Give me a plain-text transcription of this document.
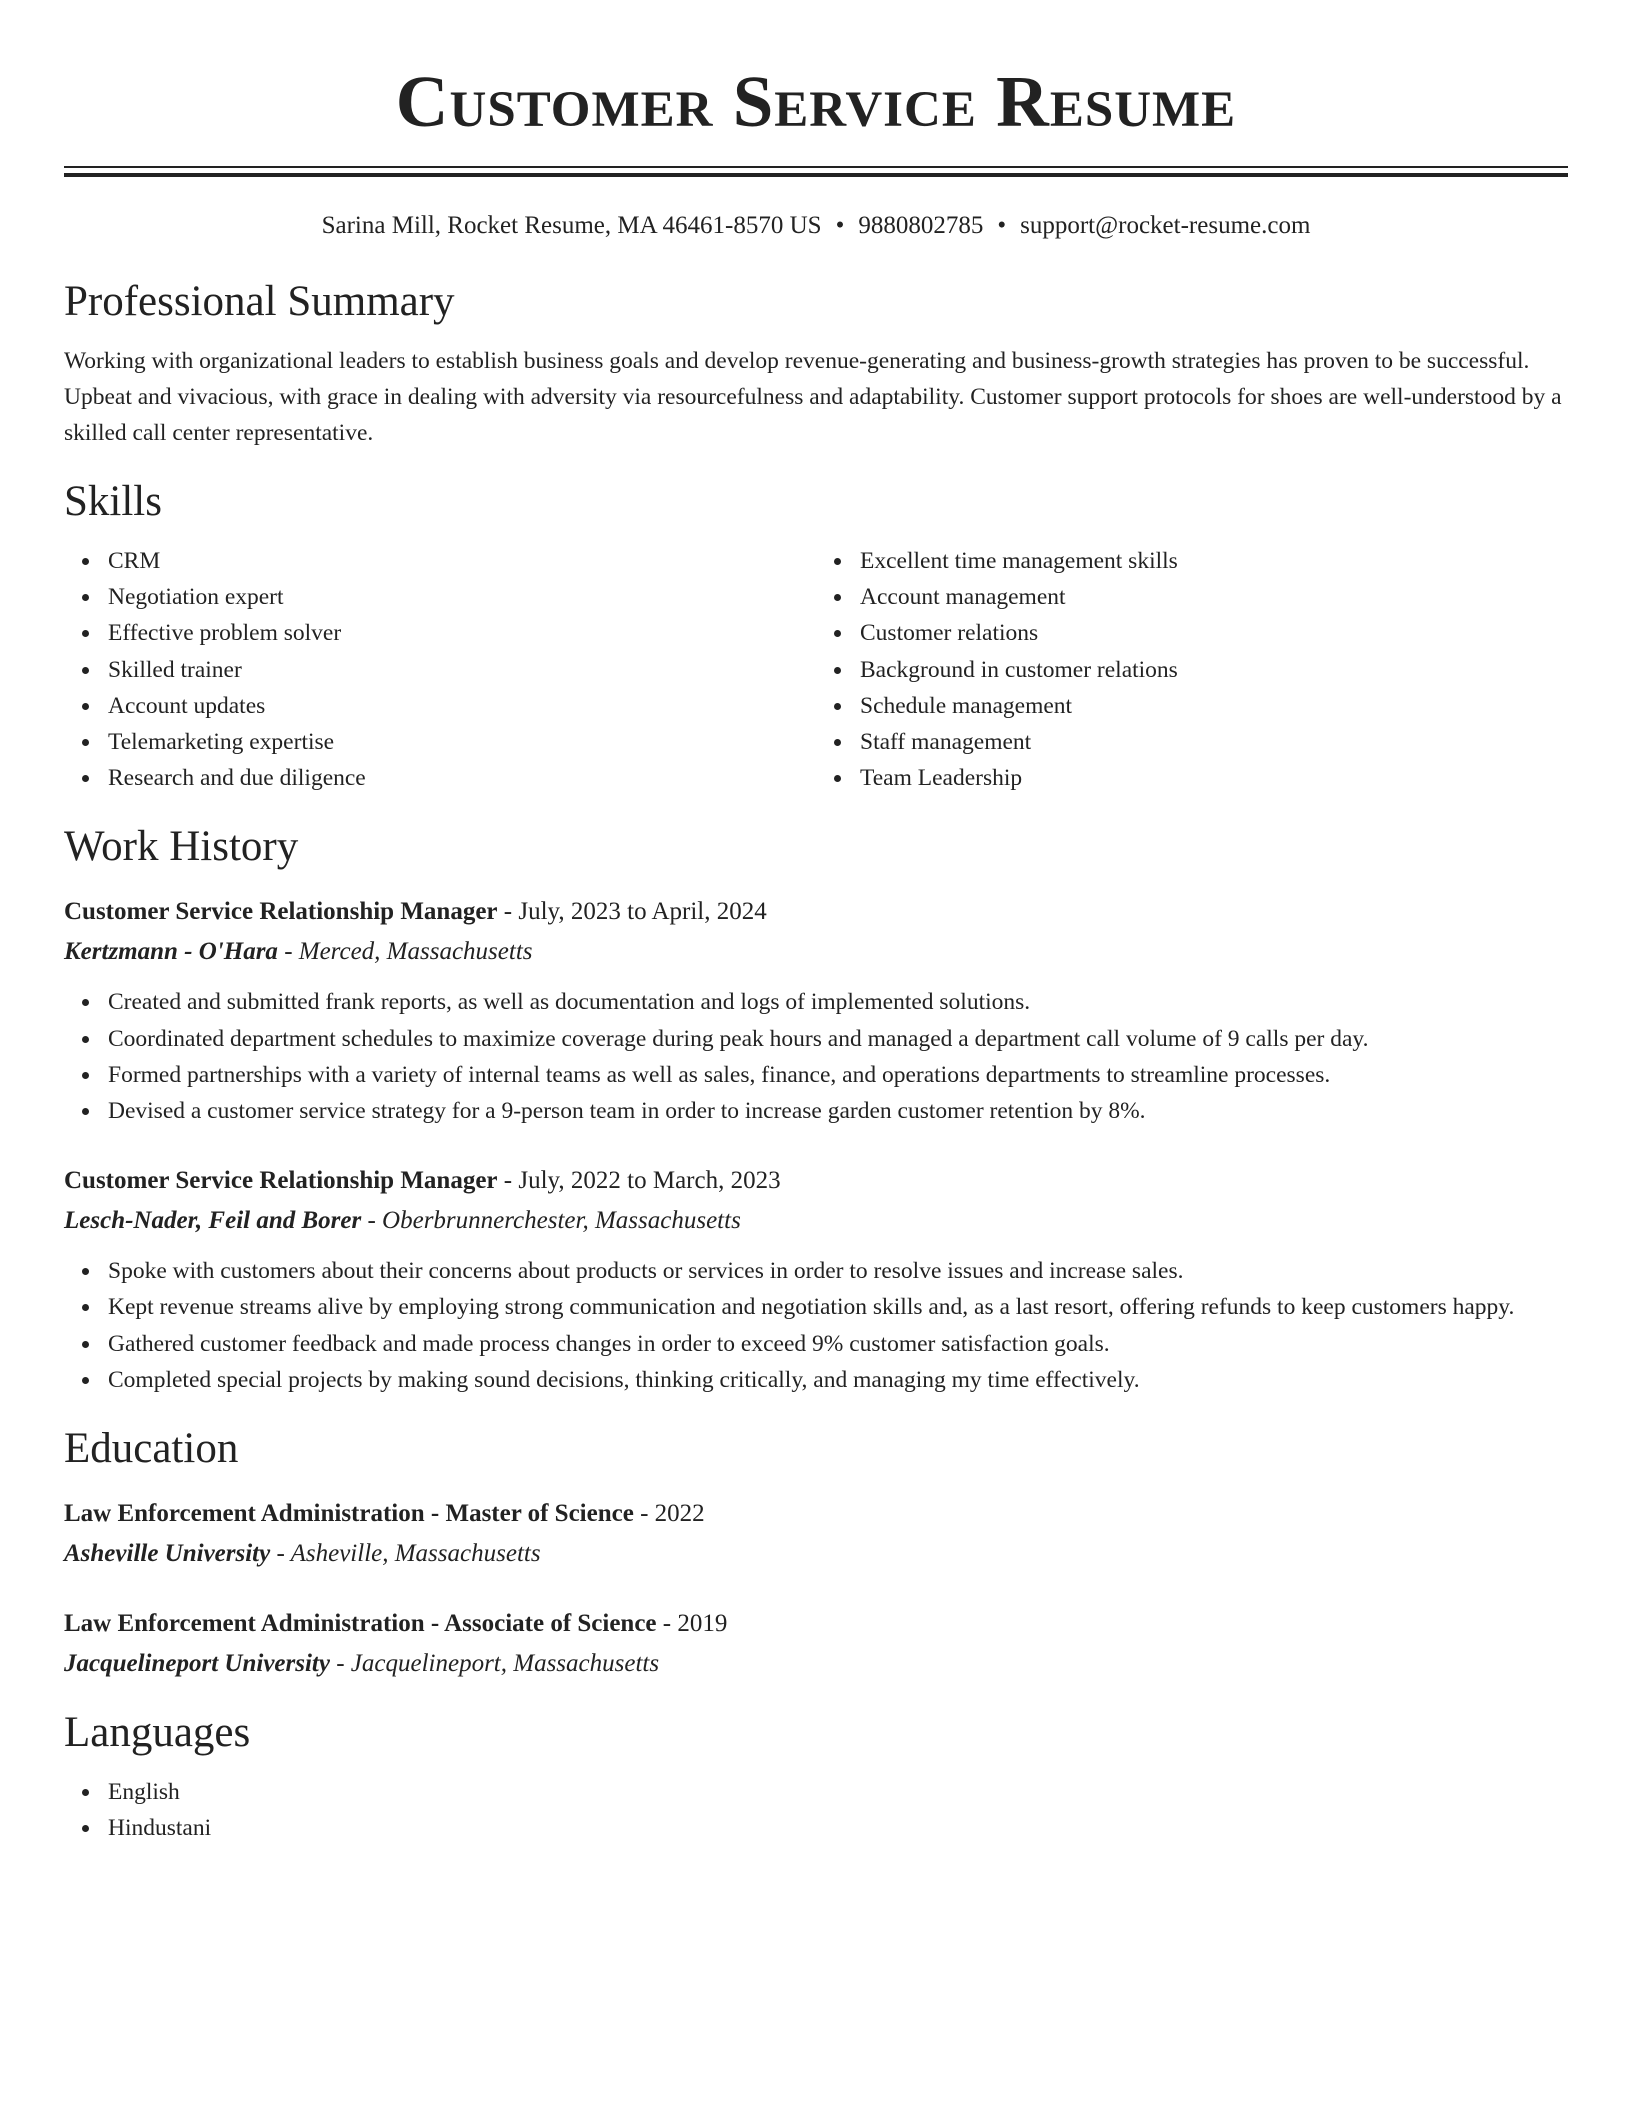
Customer Service Resume
Sarina Mill, Rocket Resume, MA 46461-8570 US • 9880802785 • support@rocket-resume.com
Professional Summary

Working with organizational leaders to establish business goals and develop revenue-generating and business-growth strategies has proven to be successful. Upbeat and vivacious, with grace in dealing with adversity via resourcefulness and adaptability. Customer support protocols for shoes are well-understood by a skilled call center representative.

Skills
CRM
Negotiation expert
Effective problem solver
Skilled trainer
Account updates
Telemarketing expertise
Research and due diligence
Excellent time management skills
Account management
Customer relations
Background in customer relations
Schedule management
Staff management
Team Leadership
Work History
Customer Service Relationship Manager - July, 2023 to April, 2024
Kertzmann - O'Hara - Merced, Massachusetts
Created and submitted frank reports, as well as documentation and logs of implemented solutions.
Coordinated department schedules to maximize coverage during peak hours and managed a department call volume of 9 calls per day.
Formed partnerships with a variety of internal teams as well as sales, finance, and operations departments to streamline processes.
Devised a customer service strategy for a 9-person team in order to increase garden customer retention by 8%.
Customer Service Relationship Manager - July, 2022 to March, 2023
Lesch-Nader, Feil and Borer - Oberbrunnerchester, Massachusetts
Spoke with customers about their concerns about products or services in order to resolve issues and increase sales.
Kept revenue streams alive by employing strong communication and negotiation skills and, as a last resort, offering refunds to keep customers happy.
Gathered customer feedback and made process changes in order to exceed 9% customer satisfaction goals.
Completed special projects by making sound decisions, thinking critically, and managing my time effectively.
Education
Law Enforcement Administration - Master of Science - 2022
Asheville University - Asheville, Massachusetts
Law Enforcement Administration - Associate of Science - 2019
Jacquelineport University - Jacquelineport, Massachusetts
Languages
English
Hindustani
